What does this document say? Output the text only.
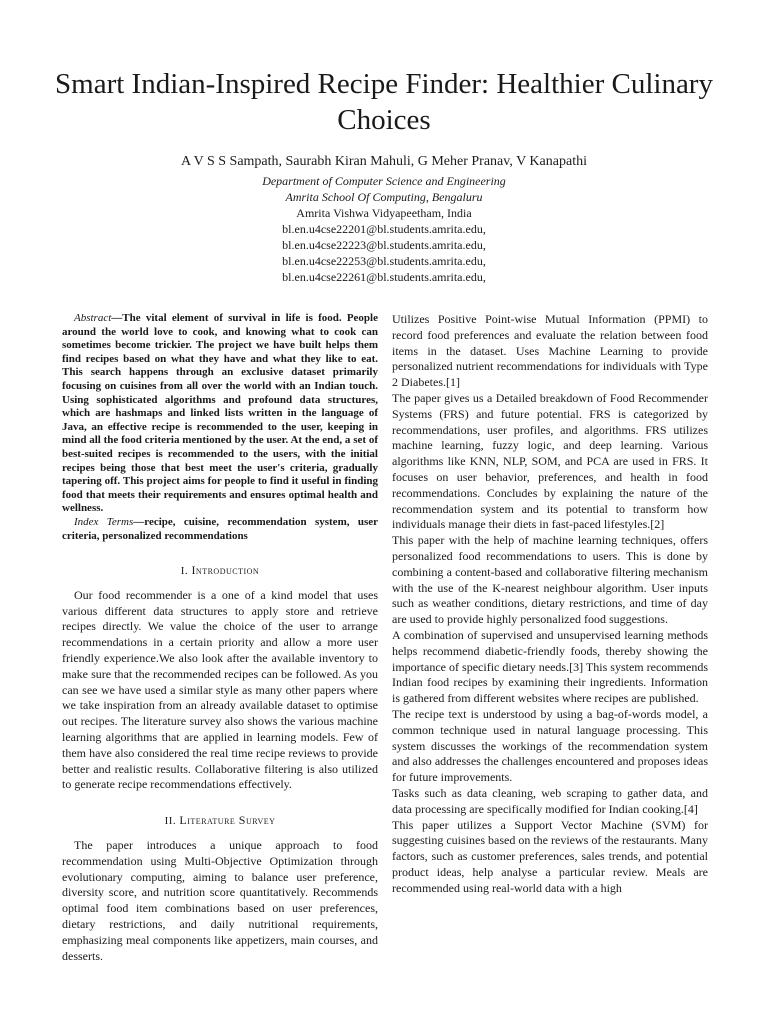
Smart Indian-Inspired Recipe Finder: Healthier Culinary Choices
A V S S Sampath, Saurabh Kiran Mahuli, G Meher Pranav, V Kanapathi
Department of Computer Science and Engineering
Amrita School Of Computing, Bengaluru
Amrita Vishwa Vidyapeetham, India
bl.en.u4cse22201@bl.students.amrita.edu,
bl.en.u4cse22223@bl.students.amrita.edu,
bl.en.u4cse22253@bl.students.amrita.edu,
bl.en.u4cse22261@bl.students.amrita.edu,

Abstract—The vital element of survival in life is food. People around the world love to cook, and knowing what to cook can sometimes become trickier. The project we have built helps them find recipes based on what they have and what they like to eat. This search happens through an exclusive dataset primarily focusing on cuisines from all over the world with an Indian touch. Using sophisticated algorithms and profound data structures, which are hashmaps and linked lists written in the language of Java, an effective recipe is recommended to the user, keeping in mind all the food criteria mentioned by the user. At the end, a set of best-suited recipes is recommended to the users, with the initial recipes being those that best meet the user's criteria, gradually tapering off. This project aims for people to find it useful in finding food that meets their requirements and ensures optimal health and wellness.

Index Terms—recipe, cuisine, recommendation system, user criteria, personalized recommendations

I. Introduction

Our food recommender is a one of a kind model that uses various different data structures to apply store and retrieve recipes directly. We value the choice of the user to arrange recommendations in a certain priority and allow a more user friendly experience.We also look after the available inventory to make sure that the recommended recipes can be followed. As you can see we have used a similar style as many other papers where we take inspiration from an already available dataset to optimise out recipes. The literature survey also shows the various machine learning algorithms that are applied in learning models. Few of them have also considered the real time recipe reviews to provide better and realistic results. Collaborative filtering is also utilized to generate recipe recommendations effectively.

II. Literature Survey

The paper introduces a unique approach to food recommendation using Multi-Objective Optimization through evolutionary computing, aiming to balance user preference, diversity score, and nutrition score quantitatively. Recommends optimal food item combinations based on user preferences, dietary restrictions, and daily nutritional requirements, emphasizing meal components like appetizers, main courses, and desserts.

Utilizes Positive Point-wise Mutual Information (PPMI) to record food preferences and evaluate the relation between food items in the dataset. Uses Machine Learning to provide personalized nutrient recommendations for individuals with Type 2 Diabetes.[1]

The paper gives us a Detailed breakdown of Food Recommender Systems (FRS) and future potential. FRS is categorized by recommendations, user profiles, and algorithms. FRS utilizes machine learning, fuzzy logic, and deep learning. Various algorithms like KNN, NLP, SOM, and PCA are used in FRS. It focuses on user behavior, preferences, and health in food recommendations. Concludes by explaining the nature of the recommendation system and its potential to transform how individuals manage their diets in fast-paced lifestyles.[2]

This paper with the help of machine learning techniques, offers personalized food recommendations to users. This is done by combining a content-based and collaborative filtering mechanism with the use of the K-nearest neighbour algorithm. User inputs such as weather conditions, dietary restrictions, and time of day are used to provide highly personalized food suggestions.

A combination of supervised and unsupervised learning methods helps recommend diabetic-friendly foods, thereby showing the importance of specific dietary needs.[3] This system recommends Indian food recipes by examining their ingredients. Information is gathered from different websites where recipes are published.

The recipe text is understood by using a bag-of-words model, a common technique used in natural language processing. This system discusses the workings of the recommendation system and also addresses the challenges encountered and proposes ideas for future improvements.

Tasks such as data cleaning, web scraping to gather data, and data processing are specifically modified for Indian cooking.[4]

This paper utilizes a Support Vector Machine (SVM) for suggesting cuisines based on the reviews of the restaurants. Many factors, such as customer preferences, sales trends, and potential product ideas, help analyse a particular review. Meals are recommended using real-world data with a high
